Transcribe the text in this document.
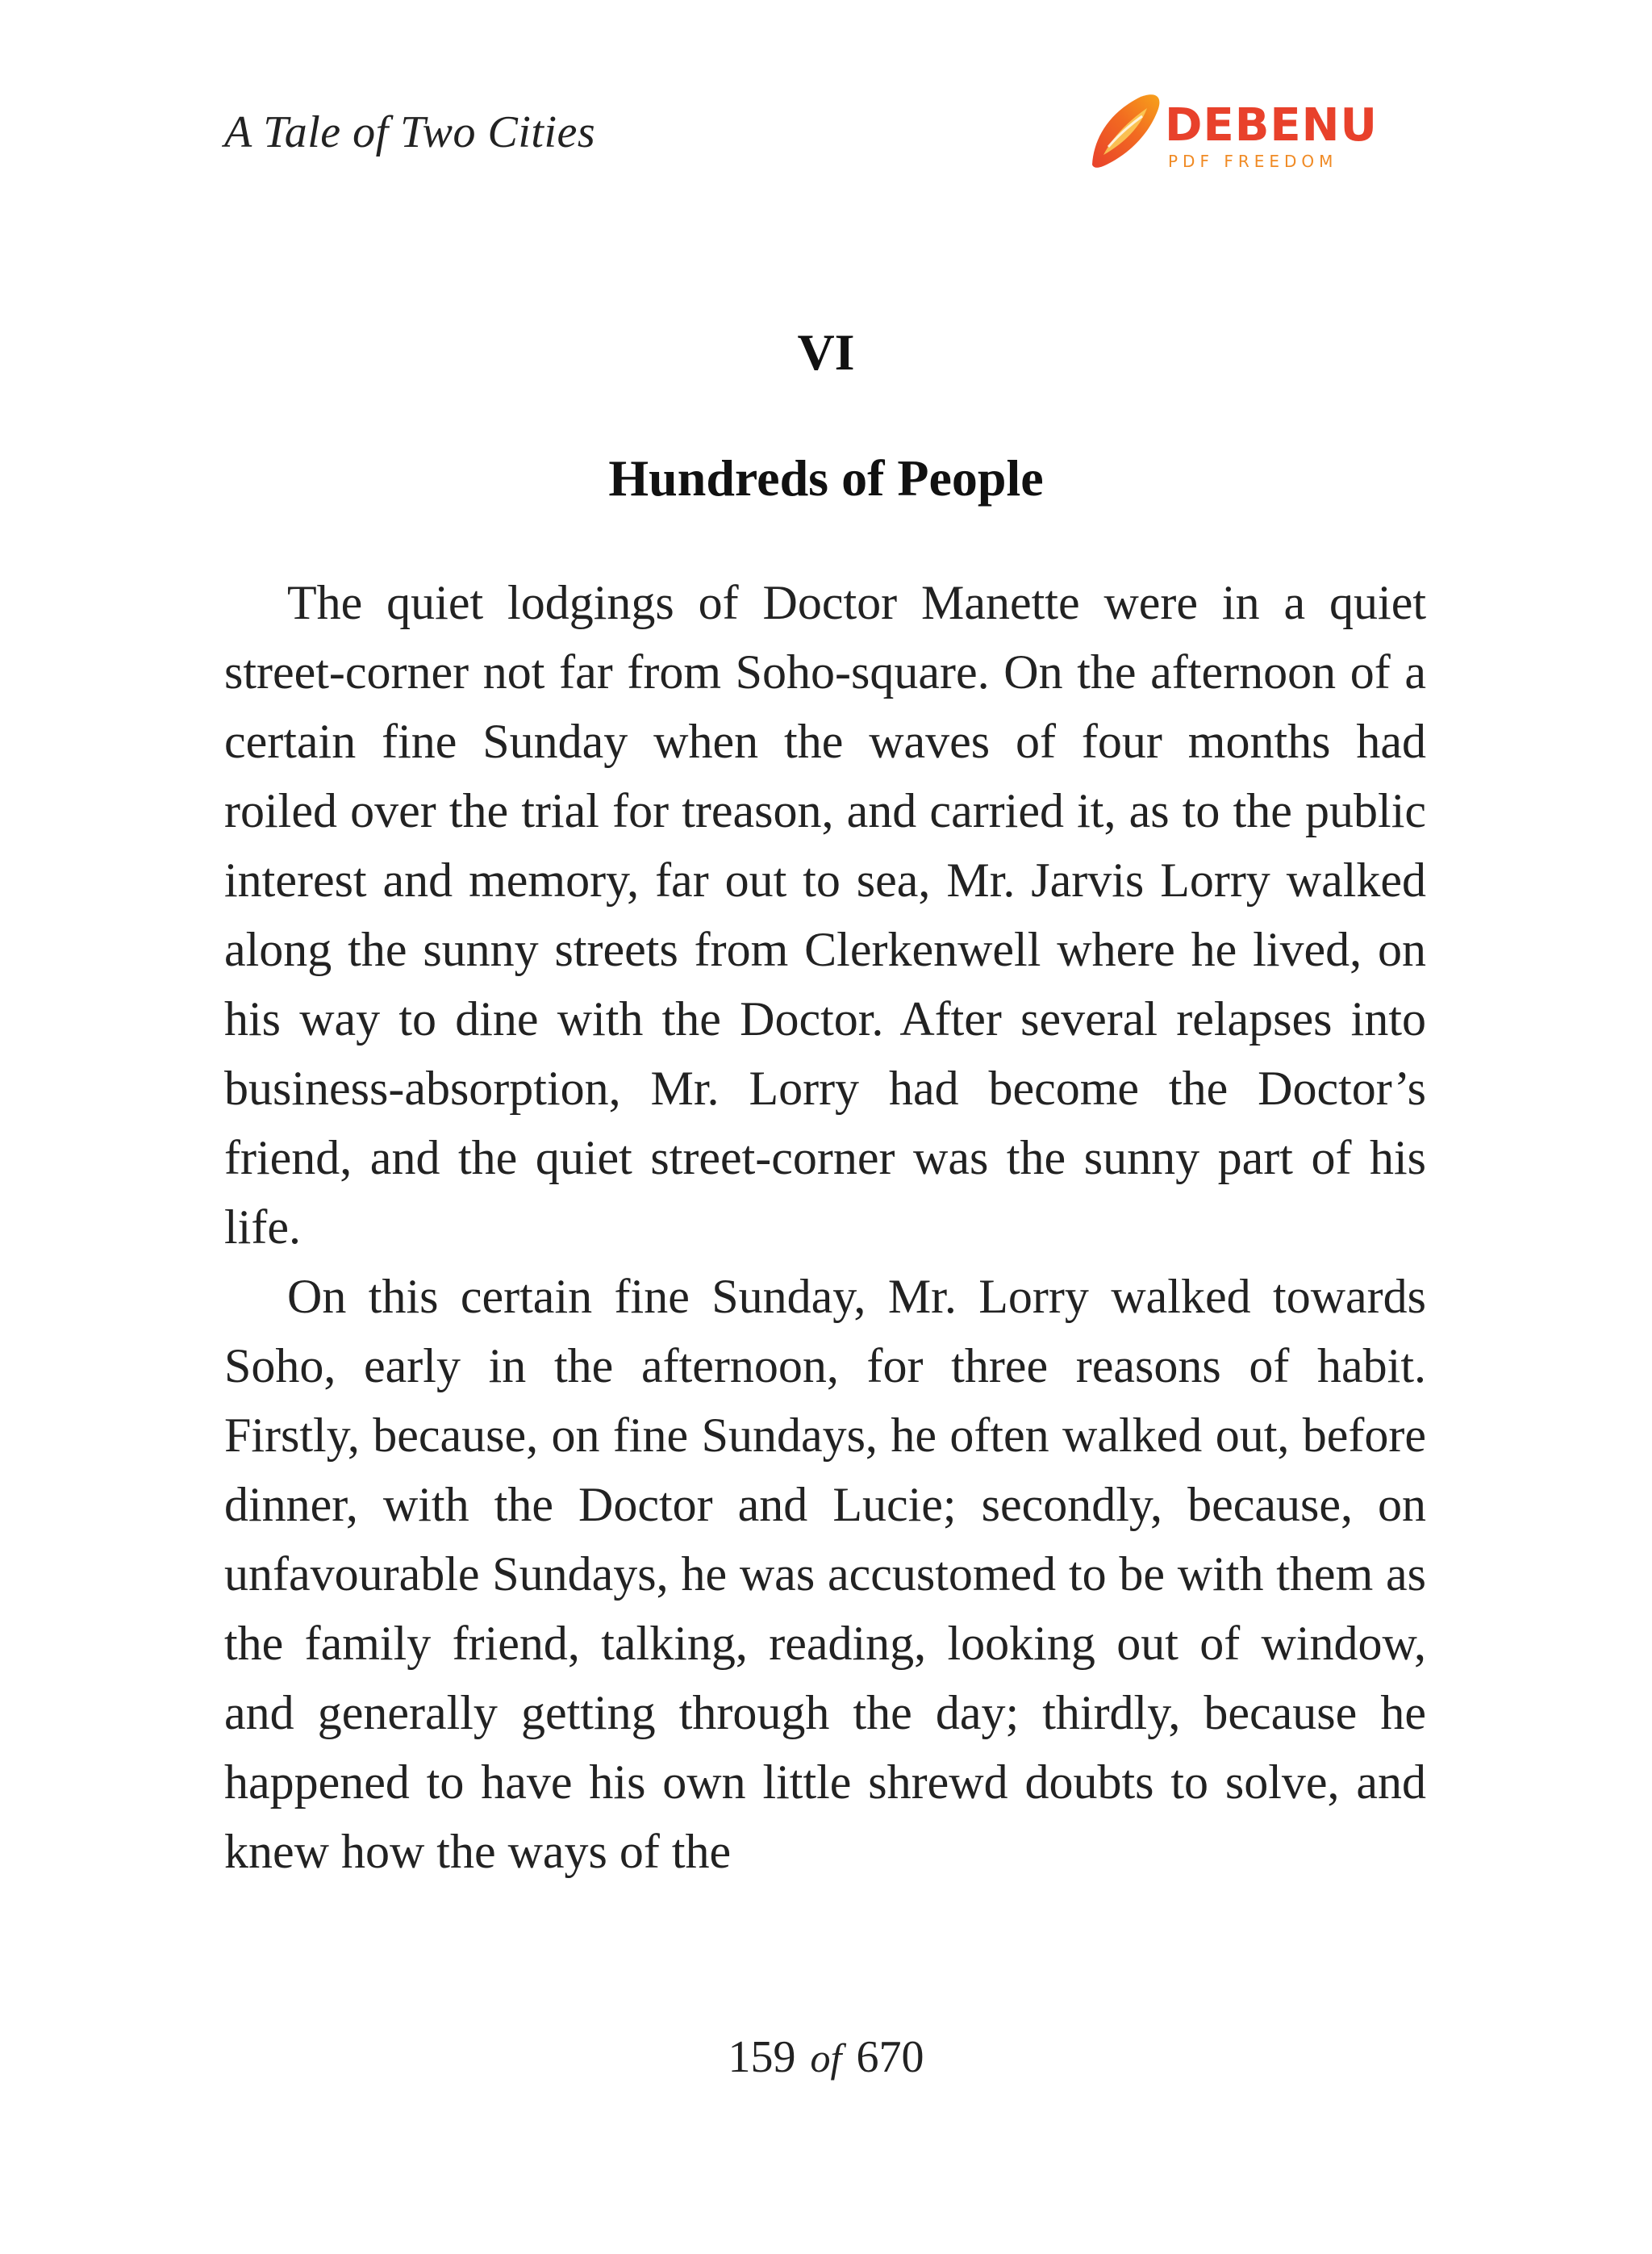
A Tale of Two Cities	DEBENU
PDF FREEDOM
VI
Hundreds of People

The quiet lodgings of Doctor Manette were in a quiet street-corner not far from Soho-square. On the afternoon of a certain fine Sunday when the waves of four months had roiled over the trial for treason, and carried it, as to the public interest and memory, far out to sea, Mr. Jarvis Lorry walked along the sunny streets from Clerkenwell where he lived, on his way to dine with the Doctor. After several relapses into business-absorption, Mr. Lorry had become the Doctor’s friend, and the quiet street-corner was the sunny part of his life.

On this certain fine Sunday, Mr. Lorry walked towards Soho, early in the afternoon, for three reasons of habit. Firstly, because, on fine Sundays, he often walked out, before dinner, with the Doctor and Lucie; secondly, because, on unfavourable Sundays, he was accustomed to be with them as the family friend, talking, reading, looking out of window, and generally getting through the day; thirdly, because he happened to have his own little shrewd doubts to solve, and knew how the ways of the

159 of 670
